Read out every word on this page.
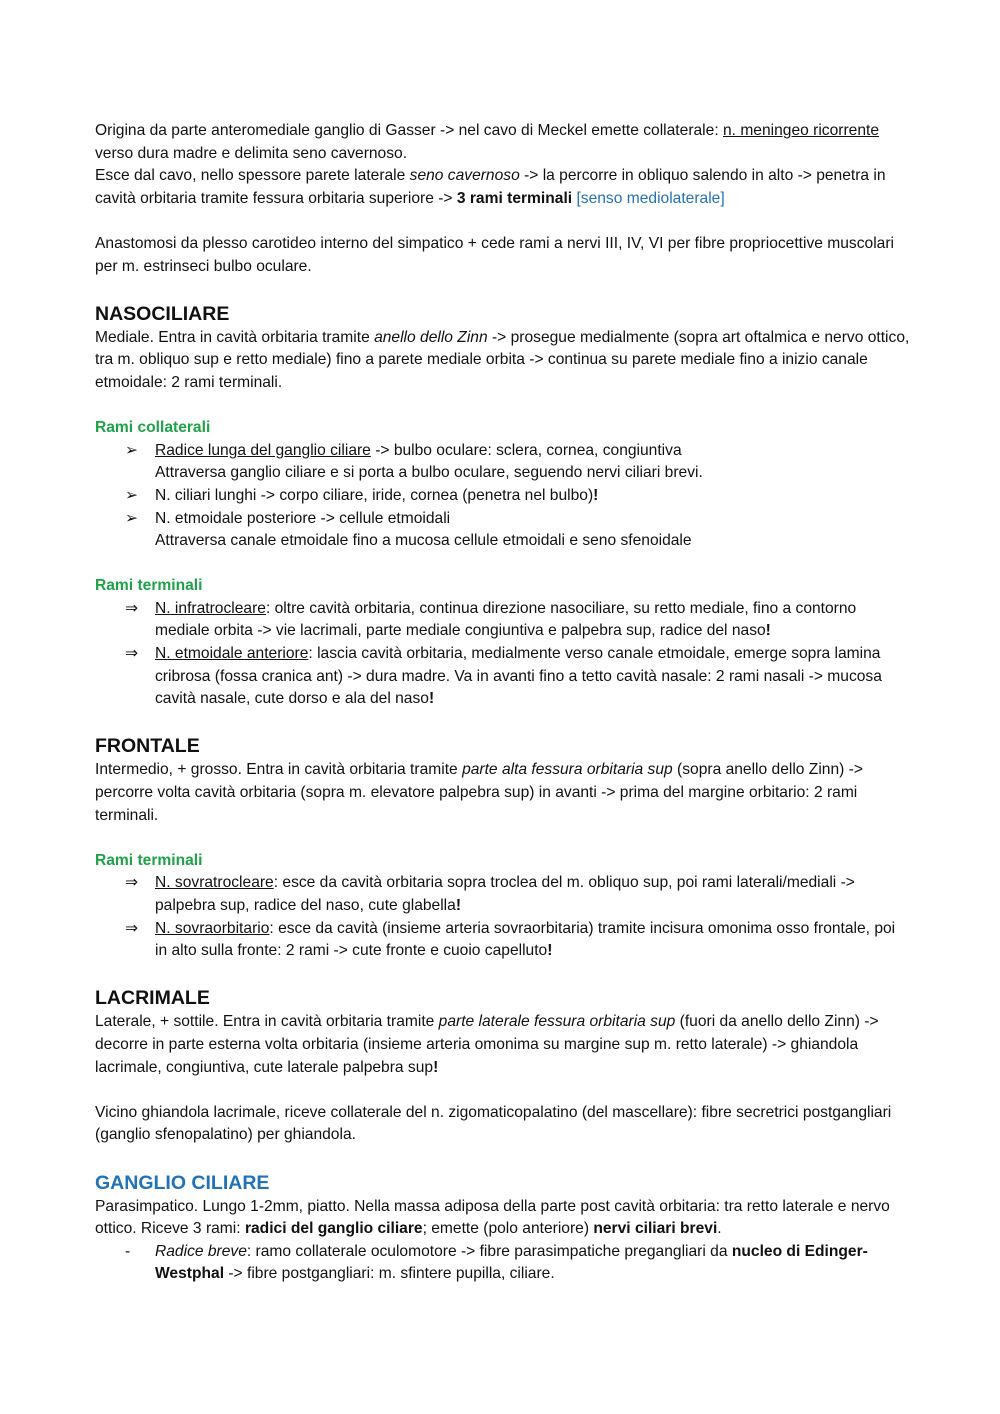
Origina da parte anteromediale ganglio di Gasser -> nel cavo di Meckel emette collaterale: n. meningeo ricorrente verso dura madre e delimita seno cavernoso.

Esce dal cavo, nello spessore parete laterale seno cavernoso -> la percorre in obliquo salendo in alto -> penetra in cavità orbitaria tramite fessura orbitaria superiore -> 3 rami terminali [senso mediolaterale]

Anastomosi da plesso carotideo interno del simpatico + cede rami a nervi III, IV, VI per fibre propriocettive muscolari per m. estrinseci bulbo oculare.

NASOCILIARE

Mediale. Entra in cavità orbitaria tramite anello dello Zinn -> prosegue medialmente (sopra art oftalmica e nervo ottico, tra m. obliquo sup e retto mediale) fino a parete mediale orbita -> continua su parete mediale fino a inizio canale etmoidale: 2 rami terminali.

Rami collaterali

➢	Radice lunga del ganglio ciliare -> bulbo oculare: sclera, cornea, congiuntiva
Attraversa ganglio ciliare e si porta a bulbo oculare, seguendo nervi ciliari brevi.
➢	N. ciliari lunghi -> corpo ciliare, iride, cornea (penetra nel bulbo)!
➢	N. etmoidale posteriore -> cellule etmoidali
Attraversa canale etmoidale fino a mucosa cellule etmoidali e seno sfenoidale

Rami terminali

⇒	N. infratrocleare: oltre cavità orbitaria, continua direzione nasociliare, su retto mediale, fino a contorno mediale orbita -> vie lacrimali, parte mediale congiuntiva e palpebra sup, radice del naso!
⇒	N. etmoidale anteriore: lascia cavità orbitaria, medialmente verso canale etmoidale, emerge sopra lamina cribrosa (fossa cranica ant) -> dura madre. Va in avanti fino a tetto cavità nasale: 2 rami nasali -> mucosa cavità nasale, cute dorso e ala del naso!
FRONTALE

Intermedio, + grosso. Entra in cavità orbitaria tramite parte alta fessura orbitaria sup (sopra anello dello Zinn) -> percorre volta cavità orbitaria (sopra m. elevatore palpebra sup) in avanti -> prima del margine orbitario: 2 rami terminali.

Rami terminali

⇒	N. sovratrocleare: esce da cavità orbitaria sopra troclea del m. obliquo sup, poi rami laterali/mediali -> palpebra sup, radice del naso, cute glabella!
⇒	N. sovraorbitario: esce da cavità (insieme arteria sovraorbitaria) tramite incisura omonima osso frontale, poi in alto sulla fronte: 2 rami -> cute fronte e cuoio capelluto!
LACRIMALE

Laterale, + sottile. Entra in cavità orbitaria tramite parte laterale fessura orbitaria sup (fuori da anello dello Zinn) -> decorre in parte esterna volta orbitaria (insieme arteria omonima su margine sup m. retto laterale) -> ghiandola lacrimale, congiuntiva, cute laterale palpebra sup!

Vicino ghiandola lacrimale, riceve collaterale del n. zigomaticopalatino (del mascellare): fibre secretrici postgangliari (ganglio sfenopalatino) per ghiandola.

GANGLIO CILIARE

Parasimpatico. Lungo 1-2mm, piatto. Nella massa adiposa della parte post cavità orbitaria: tra retto laterale e nervo ottico. Riceve 3 rami: radici del ganglio ciliare; emette (polo anteriore) nervi ciliari brevi.

-	Radice breve: ramo collaterale oculomotore -> fibre parasimpatiche pregangliari da nucleo di Edinger-Westphal -> fibre postgangliari: m. sfintere pupilla, ciliare.
